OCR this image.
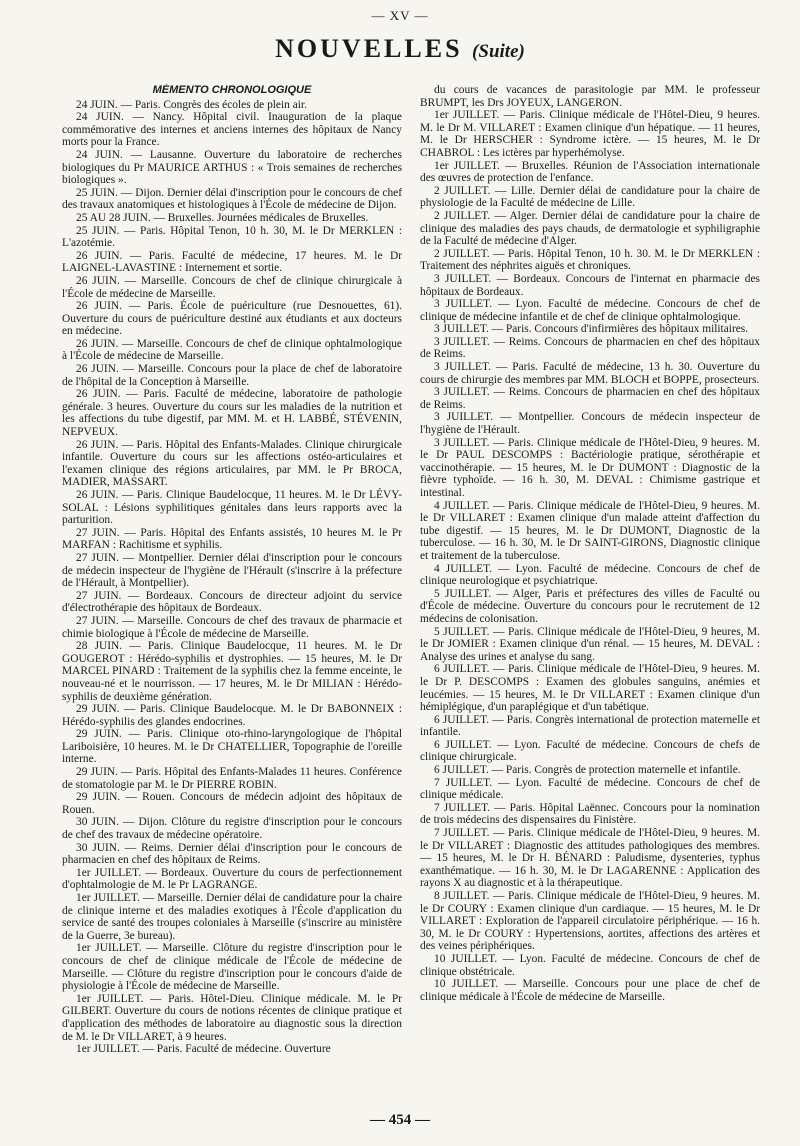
— XV —
NOUVELLES (Suite)
MÉMENTO CHRONOLOGIQUE

24 JUIN. — Paris. Congrès des écoles de plein air.

24 JUIN. — Nancy. Hôpital civil. Inauguration de la plaque commémorative des internes et anciens internes des hôpitaux de Nancy morts pour la France.

24 JUIN. — Lausanne. Ouverture du laboratoire de recherches biologiques du Pr MAURICE ARTHUS : « Trois semaines de recherches biologiques ».

25 JUIN. — Dijon. Dernier délai d'inscription pour le concours de chef des travaux anatomiques et histologiques à l'École de médecine de Dijon.

25 AU 28 JUIN. — Bruxelles. Journées médicales de Bruxelles.

25 JUIN. — Paris. Hôpital Tenon, 10 h. 30, M. le Dr MERKLEN : L'azotémie.

26 JUIN. — Paris. Faculté de médecine, 17 heures. M. le Dr LAIGNEL-LAVASTINE : Internement et sortie.

26 JUIN. — Marseille. Concours de chef de clinique chirurgicale à l'École de médecine de Marseille.

26 JUIN. — Paris. École de puériculture (rue Desnouettes, 61). Ouverture du cours de puériculture destiné aux étudiants et aux docteurs en médecine.

26 JUIN. — Marseille. Concours de chef de clinique ophtalmologique à l'École de médecine de Marseille.

26 JUIN. — Marseille. Concours pour la place de chef de laboratoire de l'hôpital de la Conception à Marseille.

26 JUIN. — Paris. Faculté de médecine, laboratoire de pathologie générale. 3 heures. Ouverture du cours sur les maladies de la nutrition et les affections du tube digestif, par MM. M. et H. LABBÉ, STÉVENIN, NEPVEUX.

26 JUIN. — Paris. Hôpital des Enfants-Malades. Clinique chirurgicale infantile. Ouverture du cours sur les affections ostéo-articulaires et l'examen clinique des régions articulaires, par MM. le Pr BROCA, MADIER, MASSART.

26 JUIN. — Paris. Clinique Baudelocque, 11 heures. M. le Dr LÉVY-SOLAL : Lésions syphilitiques génitales dans leurs rapports avec la parturition.

27 JUIN. — Paris. Hôpital des Enfants assistés, 10 heures M. le Pr MARFAN : Rachitisme et syphilis.

27 JUIN. — Montpellier. Dernier délai d'inscription pour le concours de médecin inspecteur de l'hygiène de l'Hérault (s'inscrire à la préfecture de l'Hérault, à Montpellier).

27 JUIN. — Bordeaux. Concours de directeur adjoint du service d'électrothérapie des hôpitaux de Bordeaux.

27 JUIN. — Marseille. Concours de chef des travaux de pharmacie et chimie biologique à l'École de médecine de Marseille.

28 JUIN. — Paris. Clinique Baudelocque, 11 heures. M. le Dr GOUGEROT : Hérédo-syphilis et dystrophies. — 15 heures, M. le Dr MARCEL PINARD : Traitement de la syphilis chez la femme enceinte, le nouveau-né et le nourrisson. — 17 heures, M. le Dr MILIAN : Hérédo-syphilis de deuxième génération.

29 JUIN. — Paris. Clinique Baudelocque. M. le Dr BABONNEIX : Hérédo-syphilis des glandes endocrines.

29 JUIN. — Paris. Clinique oto-rhino-laryngologique de l'hôpital Lariboisière, 10 heures. M. le Dr CHATELLIER, Topographie de l'oreille interne.

29 JUIN. — Paris. Hôpital des Enfants-Malades 11 heures. Conférence de stomatologie par M. le Dr PIERRE ROBIN.

29 JUIN. — Rouen. Concours de médecin adjoint des hôpitaux de Rouen.

30 JUIN. — Dijon. Clôture du registre d'inscription pour le concours de chef des travaux de médecine opératoire.

30 JUIN. — Reims. Dernier délai d'inscription pour le concours de pharmacien en chef des hôpitaux de Reims.

1er JUILLET. — Bordeaux. Ouverture du cours de perfectionnement d'ophtalmologie de M. le Pr LAGRANGE.

1er JUILLET. — Marseille. Dernier délai de candidature pour la chaire de clinique interne et des maladies exotiques à l'École d'application du service de santé des troupes coloniales à Marseille (s'inscrire au ministère de la Guerre, 3e bureau).

1er JUILLET. — Marseille. Clôture du registre d'inscription pour le concours de chef de clinique médicale de l'École de médecine de Marseille. — Clôture du registre d'inscription pour le concours d'aide de physiologie à l'École de médecine de Marseille.

1er JUILLET. — Paris. Hôtel-Dieu. Clinique médicale. M. le Pr GILBERT. Ouverture du cours de notions récentes de clinique pratique et d'application des méthodes de laboratoire au diagnostic sous la direction de M. le Dr VILLARET, à 9 heures.

1er JUILLET. — Paris. Faculté de médecine. Ouverture

du cours de vacances de parasitologie par MM. le professeur BRUMPT, les Drs JOYEUX, LANGERON.

1er JUILLET. — Paris. Clinique médicale de l'Hôtel-Dieu, 9 heures. M. le Dr M. VILLARET : Examen clinique d'un hépatique. — 11 heures, M. le Dr HERSCHER : Syndrome ictère. — 15 heures, M. le Dr CHABROL : Les ictères par hyperhémolyse.

1er JUILLET. — Bruxelles. Réunion de l'Association internationale des œuvres de protection de l'enfance.

2 JUILLET. — Lille. Dernier délai de candidature pour la chaire de physiologie de la Faculté de médecine de Lille.

2 JUILLET. — Alger. Dernier délai de candidature pour la chaire de clinique des maladies des pays chauds, de dermatologie et syphiligraphie de la Faculté de médecine d'Alger.

2 JUILLET. — Paris. Hôpital Tenon, 10 h. 30. M. le Dr MERKLEN : Traitement des néphrites aiguës et chroniques.

3 JUILLET. — Bordeaux. Concours de l'internat en pharmacie des hôpitaux de Bordeaux.

3 JUILLET. — Lyon. Faculté de médecine. Concours de chef de clinique de médecine infantile et de chef de clinique ophtalmologique.

3 JUILLET. — Paris. Concours d'infirmières des hôpitaux militaires.

3 JUILLET. — Reims. Concours de pharmacien en chef des hôpitaux de Reims.

3 JUILLET. — Paris. Faculté de médecine, 13 h. 30. Ouverture du cours de chirurgie des membres par MM. BLOCH et BOPPE, prosecteurs.

3 JUILLET. — Reims. Concours de pharmacien en chef des hôpitaux de Reims.

3 JUILLET. — Montpellier. Concours de médecin inspecteur de l'hygiène de l'Hérault.

3 JUILLET. — Paris. Clinique médicale de l'Hôtel-Dieu, 9 heures. M. le Dr PAUL DESCOMPS : Bactériologie pratique, sérothérapie et vaccinothérapie. — 15 heures, M. le Dr DUMONT : Diagnostic de la fièvre typhoïde. — 16 h. 30, M. DEVAL : Chimisme gastrique et intestinal.

4 JUILLET. — Paris. Clinique médicale de l'Hôtel-Dieu, 9 heures. M. le Dr VILLARET : Examen clinique d'un malade atteint d'affection du tube digestif. — 15 heures, M. le Dr DUMONT, Diagnostic de la tuberculose. — 16 h. 30, M. le Dr SAINT-GIRONS, Diagnostic clinique et traitement de la tuberculose.

4 JUILLET. — Lyon. Faculté de médecine. Concours de chef de clinique neurologique et psychiatrique.

5 JUILLET. — Alger, Paris et préfectures des villes de Faculté ou d'École de médecine. Ouverture du concours pour le recrutement de 12 médecins de colonisation.

5 JUILLET. — Paris. Clinique médicale de l'Hôtel-Dieu, 9 heures, M. le Dr JOMIER : Examen clinique d'un rénal. — 15 heures, M. DEVAL : Analyse des urines et analyse du sang.

6 JUILLET. — Paris. Clinique médicale de l'Hôtel-Dieu, 9 heures. M. le Dr P. DESCOMPS : Examen des globules sanguins, anémies et leucémies. — 15 heures, M. le Dr VILLARET : Examen clinique d'un hémiplégique, d'un paraplégique et d'un tabétique.

6 JUILLET. — Paris. Congrès international de protection maternelle et infantile.

6 JUILLET. — Lyon. Faculté de médecine. Concours de chefs de clinique chirurgicale.

6 JUILLET. — Paris. Congrès de protection maternelle et infantile.

7 JUILLET. — Lyon. Faculté de médecine. Concours de chef de clinique médicale.

7 JUILLET. — Paris. Hôpital Laënnec. Concours pour la nomination de trois médecins des dispensaires du Finistère.

7 JUILLET. — Paris. Clinique médicale de l'Hôtel-Dieu, 9 heures. M. le Dr VILLARET : Diagnostic des attitudes pathologiques des membres. — 15 heures, M. le Dr H. BÉNARD : Paludisme, dysenteries, typhus exanthématique. — 16 h. 30, M. le Dr LAGARENNE : Application des rayons X au diagnostic et à la thérapeutique.

8 JUILLET. — Paris. Clinique médicale de l'Hôtel-Dieu, 9 heures. M. le Dr COURY : Examen clinique d'un cardiaque. — 15 heures, M. le Dr VILLARET : Exploration de l'appareil circulatoire périphérique. — 16 h. 30, M. le Dr COURY : Hypertensions, aortites, affections des artères et des veines périphériques.

10 JUILLET. — Lyon. Faculté de médecine. Concours de chef de clinique obstétricale.

10 JUILLET. — Marseille. Concours pour une place de chef de clinique médicale à l'École de médecine de Marseille.

— 454 —
